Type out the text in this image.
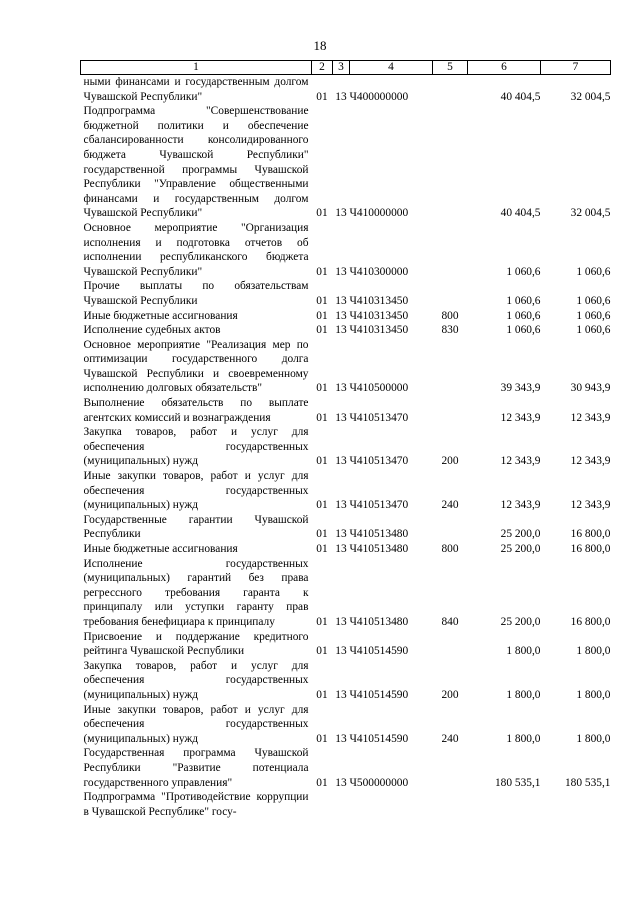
18
1	2	3	4	5	6	7
ными финансами и государственным долгом Чувашской Республики"	01	13	Ч400000000		40 404,5	32 004,5
Подпрограмма "Совершенствование бюджетной политики и обеспечение сбалансированности консолидированного бюджета Чувашской Республики" государственной программы Чувашской Республики "Управление общественными финансами и государственным долгом Чувашской Республики"	01	13	Ч410000000		40 404,5	32 004,5
Основное мероприятие "Организация исполнения и подготовка отчетов об исполнении республиканского бюджета Чувашской Республики"	01	13	Ч410300000		1 060,6	1 060,6
Прочие выплаты по обязательствам Чувашской Республики	01	13	Ч410313450		1 060,6	1 060,6
Иные бюджетные ассигнования	01	13	Ч410313450	800	1 060,6	1 060,6
Исполнение судебных актов	01	13	Ч410313450	830	1 060,6	1 060,6
Основное мероприятие "Реализация мер по оптимизации государственного долга Чувашской Республики и своевременному исполнению долговых обязательств"	01	13	Ч410500000		39 343,9	30 943,9
Выполнение обязательств по выплате агентских комиссий и вознаграждения	01	13	Ч410513470		12 343,9	12 343,9
Закупка товаров, работ и услуг для обеспечения государственных (муниципальных) нужд	01	13	Ч410513470	200	12 343,9	12 343,9
Иные закупки товаров, работ и услуг для обеспечения государственных (муниципальных) нужд	01	13	Ч410513470	240	12 343,9	12 343,9
Государственные гарантии Чувашской Республики	01	13	Ч410513480		25 200,0	16 800,0
Иные бюджетные ассигнования	01	13	Ч410513480	800	25 200,0	16 800,0
Исполнение государственных (муниципальных) гарантий без права регрессного требования гаранта к принципалу или уступки гаранту прав требования бенефициара к принципалу	01	13	Ч410513480	840	25 200,0	16 800,0
Присвоение и поддержание кредитного рейтинга Чувашской Республики	01	13	Ч410514590		1 800,0	1 800,0
Закупка товаров, работ и услуг для обеспечения государственных (муниципальных) нужд	01	13	Ч410514590	200	1 800,0	1 800,0
Иные закупки товаров, работ и услуг для обеспечения государственных (муниципальных) нужд	01	13	Ч410514590	240	1 800,0	1 800,0
Государственная программа Чувашской Республики "Развитие потенциала государственного управления"	01	13	Ч500000000		180 535,1	180 535,1
Подпрограмма "Противодействие коррупции в Чувашской Республике" госу-						
